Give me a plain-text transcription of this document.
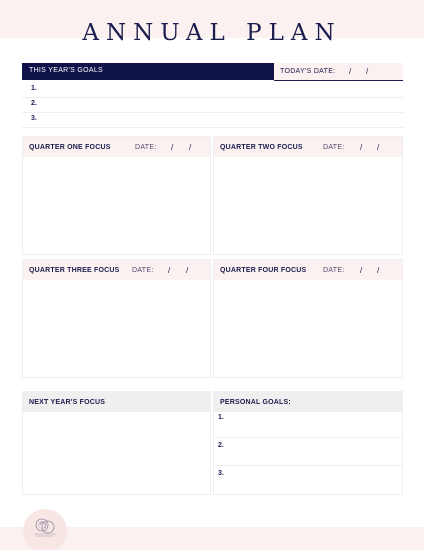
ANNUAL PLAN
THIS YEAR'S GOALS	TODAY'S DATE: / /
1.
2.
3.
QUARTER ONE FOCUS	DATE: / /	QUARTER TWO FOCUS	DATE: / /
QUARTER THREE FOCUS DATE: / /	QUARTER FOUR FOCUS DATE: / /
NEXT YEAR'S FOCUS	PERSONAL GOALS:
1.
2.
3.
